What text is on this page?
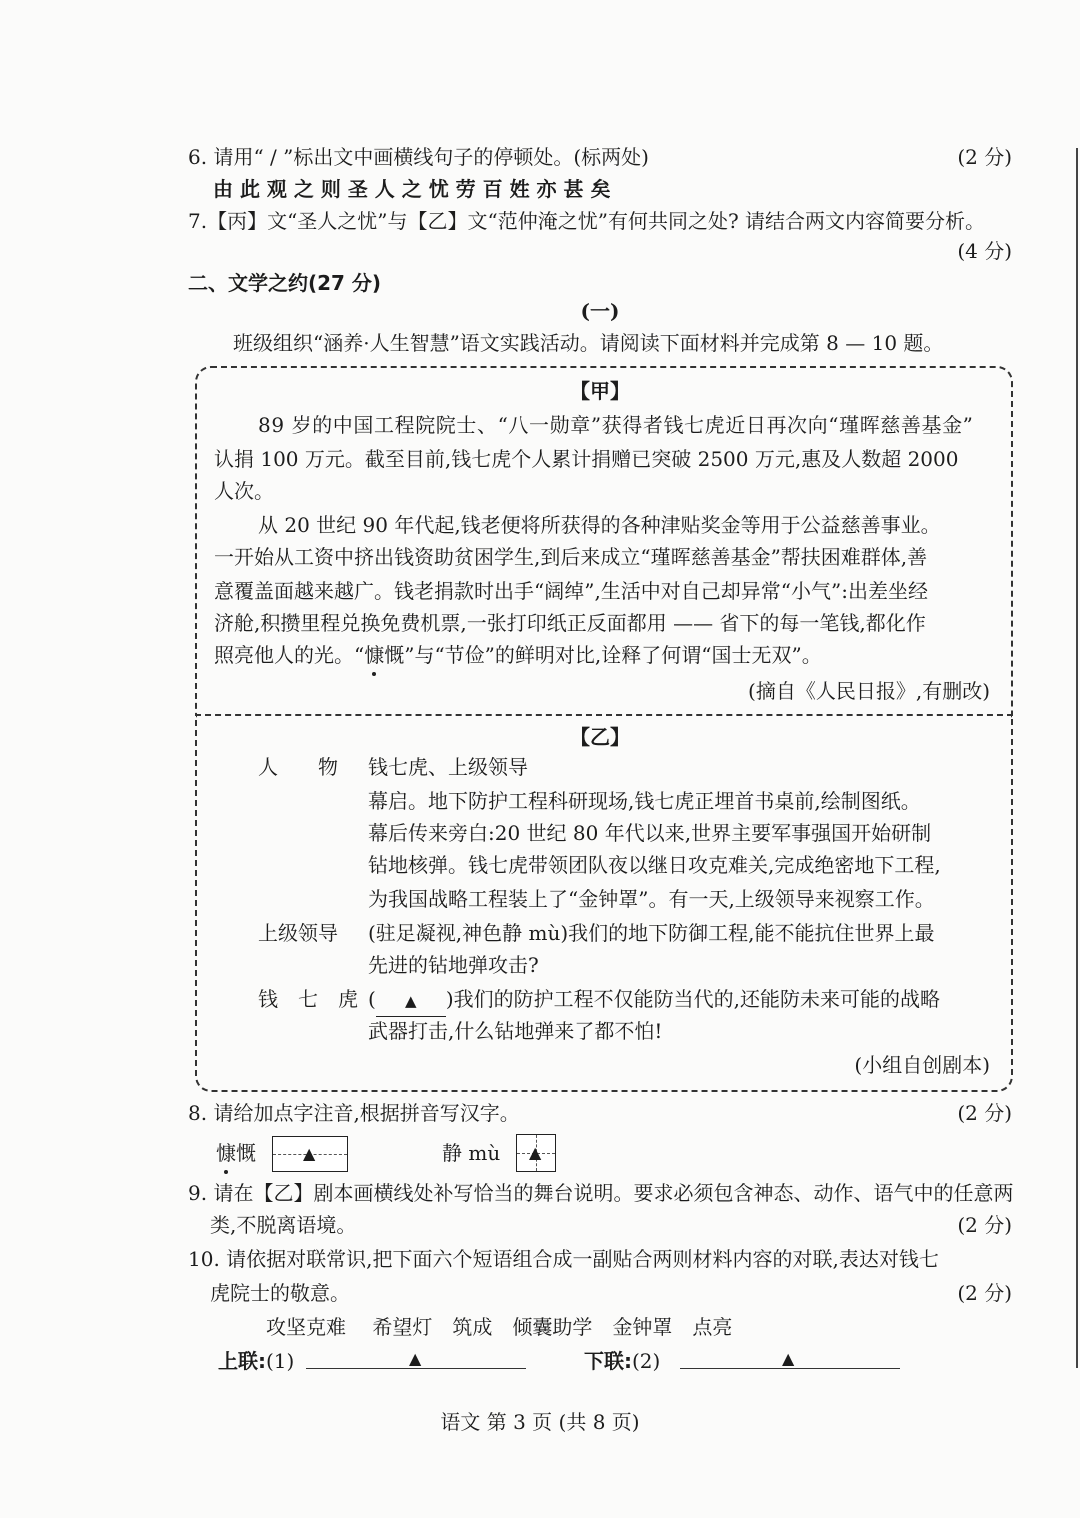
6. 请用“ / ”标出文中画横线句子的停顿处。(标两处)	(2 分)
由 此 观 之 则 圣 人 之 忧 劳 百 姓 亦 甚 矣
7.【丙】文“圣人之忧”与【乙】文“范仲淹之忧”有何共同之处? 请结合两文内容简要分析。
(4 分)
二、文学之约(27 分)
(一)
班级组织“涵养·人生智慧”语文实践活动。请阅读下面材料并完成第 8 — 10 题。
【甲】
89 岁的中国工程院院士、“八一勋章”获得者钱七虎近日再次向“瑾晖慈善基金”
认捐 100 万元。截至目前,钱七虎个人累计捐赠已突破 2500 万元,惠及人数超 2000
人次。
从 20 世纪 90 年代起,钱老便将所获得的各种津贴奖金等用于公益慈善事业。
一开始从工资中挤出钱资助贫困学生,到后来成立“瑾晖慈善基金”帮扶困难群体,善
意覆盖面越来越广。钱老捐款时出手“阔绰”,生活中对自己却异常“小气”:出差坐经
济舱,积攒里程兑换免费机票,一张打印纸正反面都用 —— 省下的每一笔钱,都化作
照亮他人的光。“慷慨”与“节俭”的鲜明对比,诠释了何谓“国士无双”。
(摘自《人民日报》,有删改)
【乙】
人　　物 钱七虎、上级领导
幕启。地下防护工程科研现场,钱七虎正埋首书桌前,绘制图纸。
幕后传来旁白:20 世纪 80 年代以来,世界主要军事强国开始研制
钻地核弹。钱七虎带领团队夜以继日攻克难关,完成绝密地下工程,
为我国战略工程装上了“金钟罩”。有一天,上级领导来视察工作。
上级领导 (驻足凝视,神色静 mù)我们的地下防御工程,能不能抗住世界上最
先进的钻地弹攻击?
钱　七　虎 ( ▲ )我们的防护工程不仅能防当代的,还能防未来可能的战略
武器打击,什么钻地弹来了都不怕!
(小组自创剧本)
8. 请给加点字注音,根据拼音写汉字。	(2 分)
慷慨	▲	静 mù ▲
9. 请在【乙】剧本画横线处补写恰当的舞台说明。要求必须包含神态、动作、语气中的任意两
类,不脱离语境。	(2 分)
10. 请依据对联常识,把下面六个短语组合成一副贴合两则材料内容的对联,表达对钱七
虎院士的敬意。	(2 分)
攻坚克难　 希望灯　 筑成　 倾囊助学　 金钟罩　 点亮
上联:(1)	▲	下联:(2)	▲
语文 第 3 页 (共 8 页)
